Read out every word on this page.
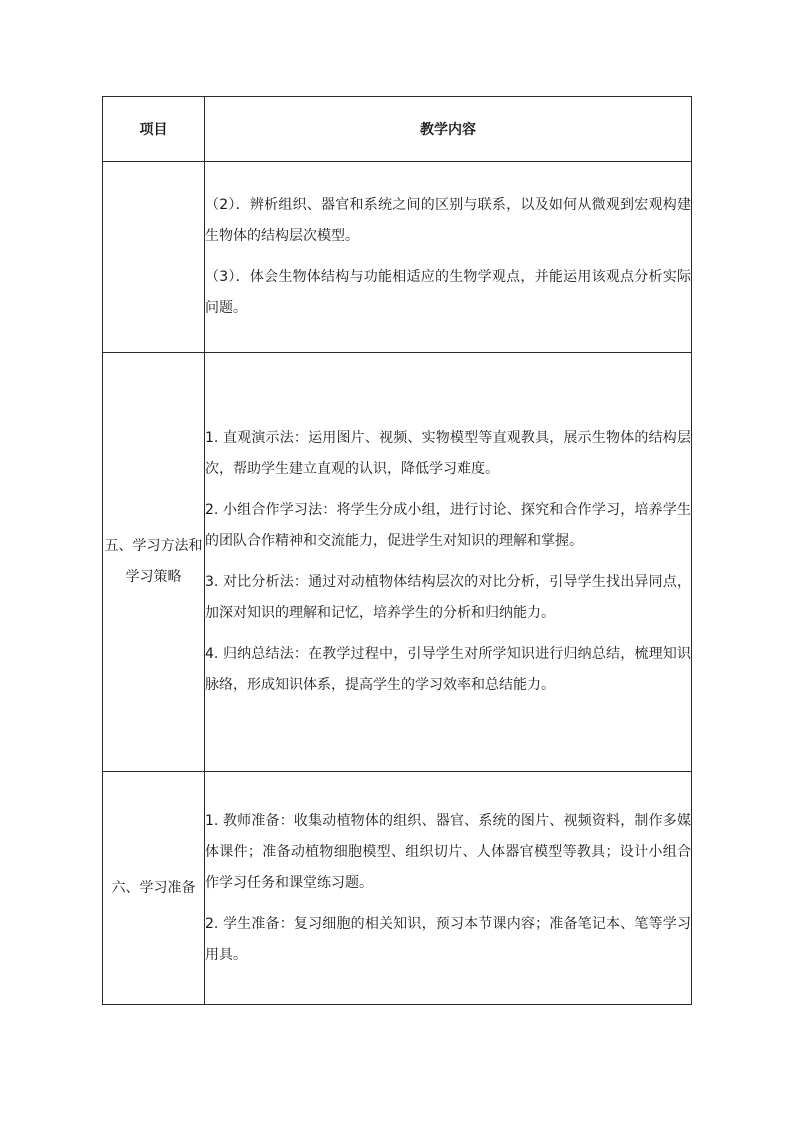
项目	教学内容

	（2）．辨析组织、器官和系统之间的区别与联系，以及如何从微观到宏观构建生物体的结构层次模型。

（3）．体会生物体结构与功能相适应的生物学观点，并能运用该观点分析实际问题。

五、学习方法和学习策略	1. 直观演示法：运用图片、视频、实物模型等直观教具，展示生物体的结构层次，帮助学生建立直观的认识，降低学习难度。

2. 小组合作学习法：将学生分成小组，进行讨论、探究和合作学习，培养学生的团队合作精神和交流能力，促进学生对知识的理解和掌握。

3. 对比分析法：通过对动植物体结构层次的对比分析，引导学生找出异同点，加深对知识的理解和记忆，培养学生的分析和归纳能力。

4. 归纳总结法：在教学过程中，引导学生对所学知识进行归纳总结，梳理知识脉络，形成知识体系，提高学生的学习效率和总结能力。

六、学习准备	1. 教师准备：收集动植物体的组织、器官、系统的图片、视频资料，制作多媒体课件；准备动植物细胞模型、组织切片、人体器官模型等教具；设计小组合作学习任务和课堂练习题。

2. 学生准备：复习细胞的相关知识，预习本节课内容；准备笔记本、笔等学习用具。
